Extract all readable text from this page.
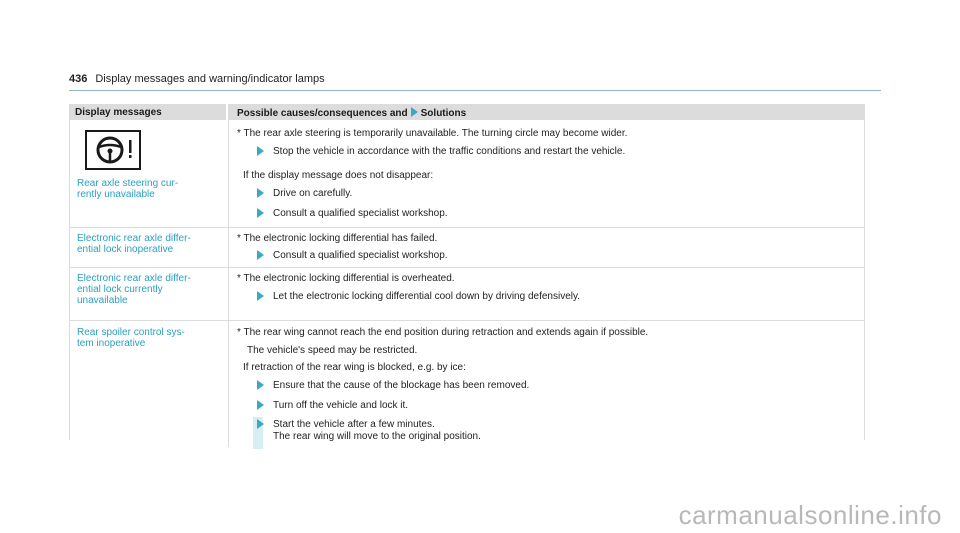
436 Display messages and warning/indicator lamps
Display messages	Possible causes/consequences and Solutions
Rear axle steering cur-
rently unavailable
* The rear axle steering is temporarily unavailable. The turning circle may become wider.
Stop the vehicle in accordance with the traffic conditions and restart the vehicle.
If the display message does not disappear:
Drive on carefully.
Consult a qualified specialist workshop.
Electronic rear axle differ-
ential lock inoperative
* The electronic locking differential has failed.
Consult a qualified specialist workshop.
Electronic rear axle differ-
ential lock currently
unavailable
* The electronic locking differential is overheated.
Let the electronic locking differential cool down by driving defensively.
Rear spoiler control sys-
tem inoperative
* The rear wing cannot reach the end position during retraction and extends again if possible.
The vehicle's speed may be restricted.
If retraction of the rear wing is blocked, e.g. by ice:
Ensure that the cause of the blockage has been removed.
Turn off the vehicle and lock it.
Start the vehicle after a few minutes.
The rear wing will move to the original position.
carmanualsonline.info
